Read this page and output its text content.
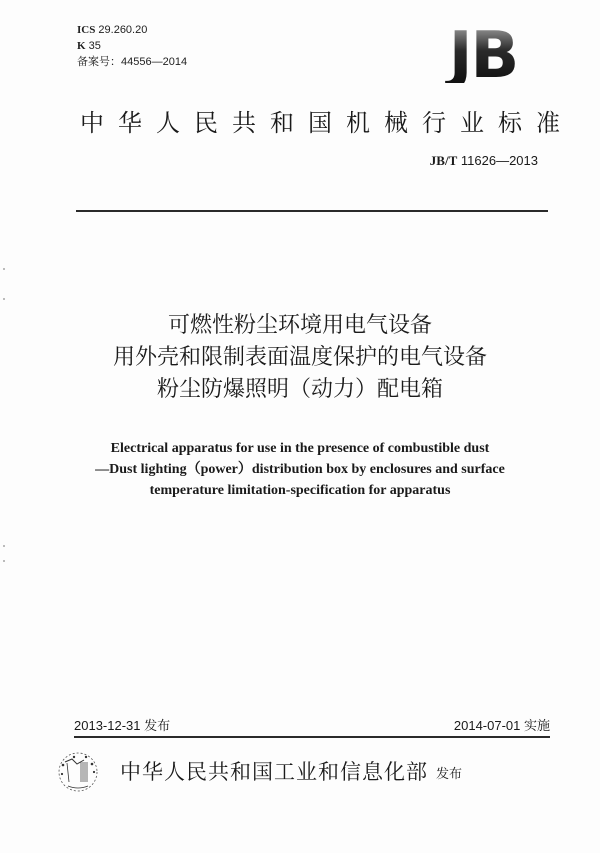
ICS 29.260.20
K 35
备案号：44556—2014	JB
中 华 人 民 共 和 国 机 械 行 业 标 准
JB/T 11626—2013
可燃性粉尘环境用电气设备
用外壳和限制表面温度保护的电气设备
粉尘防爆照明（动力）配电箱
Electrical apparatus for use in the presence of combustible dust
—Dust lighting（power）distribution box by enclosures and surface
temperature limitation-specification for apparatus
2013-12-31 发布	2014-07-01 实施
中华人民共和国工业和信息化部 发布
